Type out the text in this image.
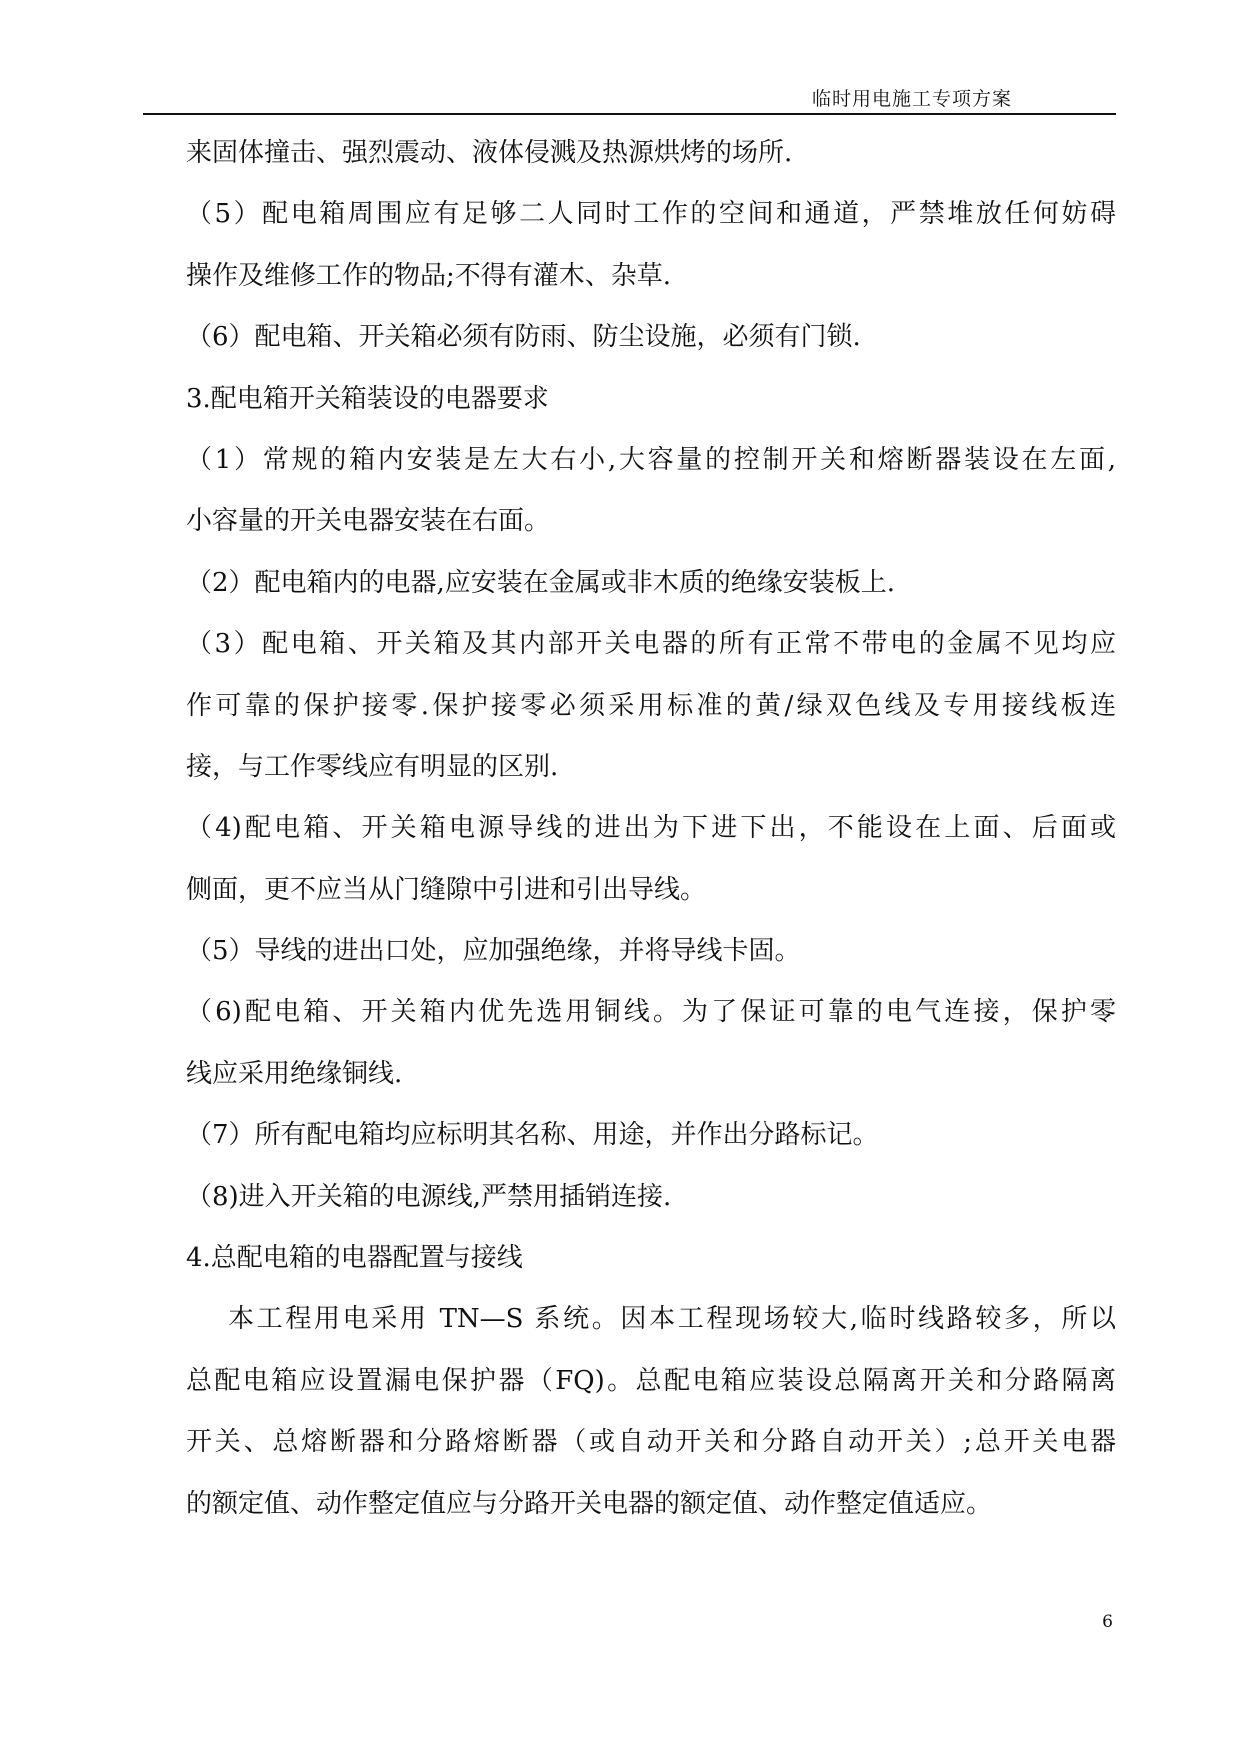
临时用电施工专项方案
来固体撞击、强烈震动、液体侵溅及热源烘烤的场所.
（5）配电箱周围应有足够二人同时工作的空间和通道，严禁堆放任何妨碍
操作及维修工作的物品;不得有灌木、杂草.
（6）配电箱、开关箱必须有防雨、防尘设施，必须有门锁.
3.配电箱开关箱装设的电器要求
（1）常规的箱内安装是左大右小,大容量的控制开关和熔断器装设在左面,
小容量的开关电器安装在右面。
（2）配电箱内的电器,应安装在金属或非木质的绝缘安装板上.
（3）配电箱、开关箱及其内部开关电器的所有正常不带电的金属不见均应
作可靠的保护接零.保护接零必须采用标准的黄/绿双色线及专用接线板连
接，与工作零线应有明显的区别.
（4)配电箱、开关箱电源导线的进出为下进下出，不能设在上面、后面或
侧面，更不应当从门缝隙中引进和引出导线。
（5）导线的进出口处，应加强绝缘，并将导线卡固。
（6)配电箱、开关箱内优先选用铜线。为了保证可靠的电气连接，保护零
线应采用绝缘铜线.
（7）所有配电箱均应标明其名称、用途，并作出分路标记。
（8)进入开关箱的电源线,严禁用插销连接.
4.总配电箱的电器配置与接线
本工程用电采用 TN—S 系统。因本工程现场较大,临时线路较多，所以
总配电箱应设置漏电保护器（FQ)。总配电箱应装设总隔离开关和分路隔离
开关、总熔断器和分路熔断器（或自动开关和分路自动开关）;总开关电器
的额定值、动作整定值应与分路开关电器的额定值、动作整定值适应。
6
